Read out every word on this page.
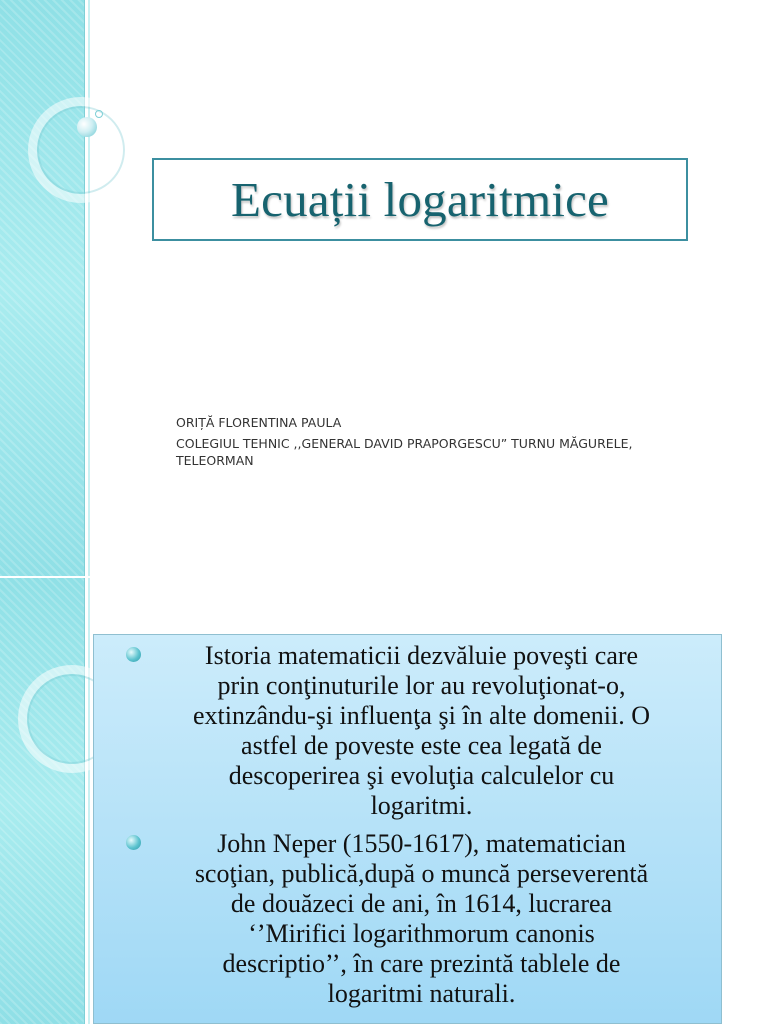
Ecuații logaritmice
ORIȚĂ FLORENTINA PAULA
COLEGIUL TEHNIC ,,GENERAL DAVID PRAPORGESCU” TURNU MĂGURELE,
TELEORMAN
Istoria matematicii dezvăluie poveşti care
prin conţinuturile lor au revoluţionat-o,
extinzându-şi influenţa şi în alte domenii. O
astfel de poveste este cea legată de
descoperirea şi evoluţia calculelor cu
logaritmi.
John Neper (1550-1617), matematician
scoţian, publică,după o muncă perseverentă
de douăzeci de ani, în 1614, lucrarea
‘’Mirifici logarithmorum canonis
descriptio’’, în care prezintă tablele de
logaritmi naturali.
